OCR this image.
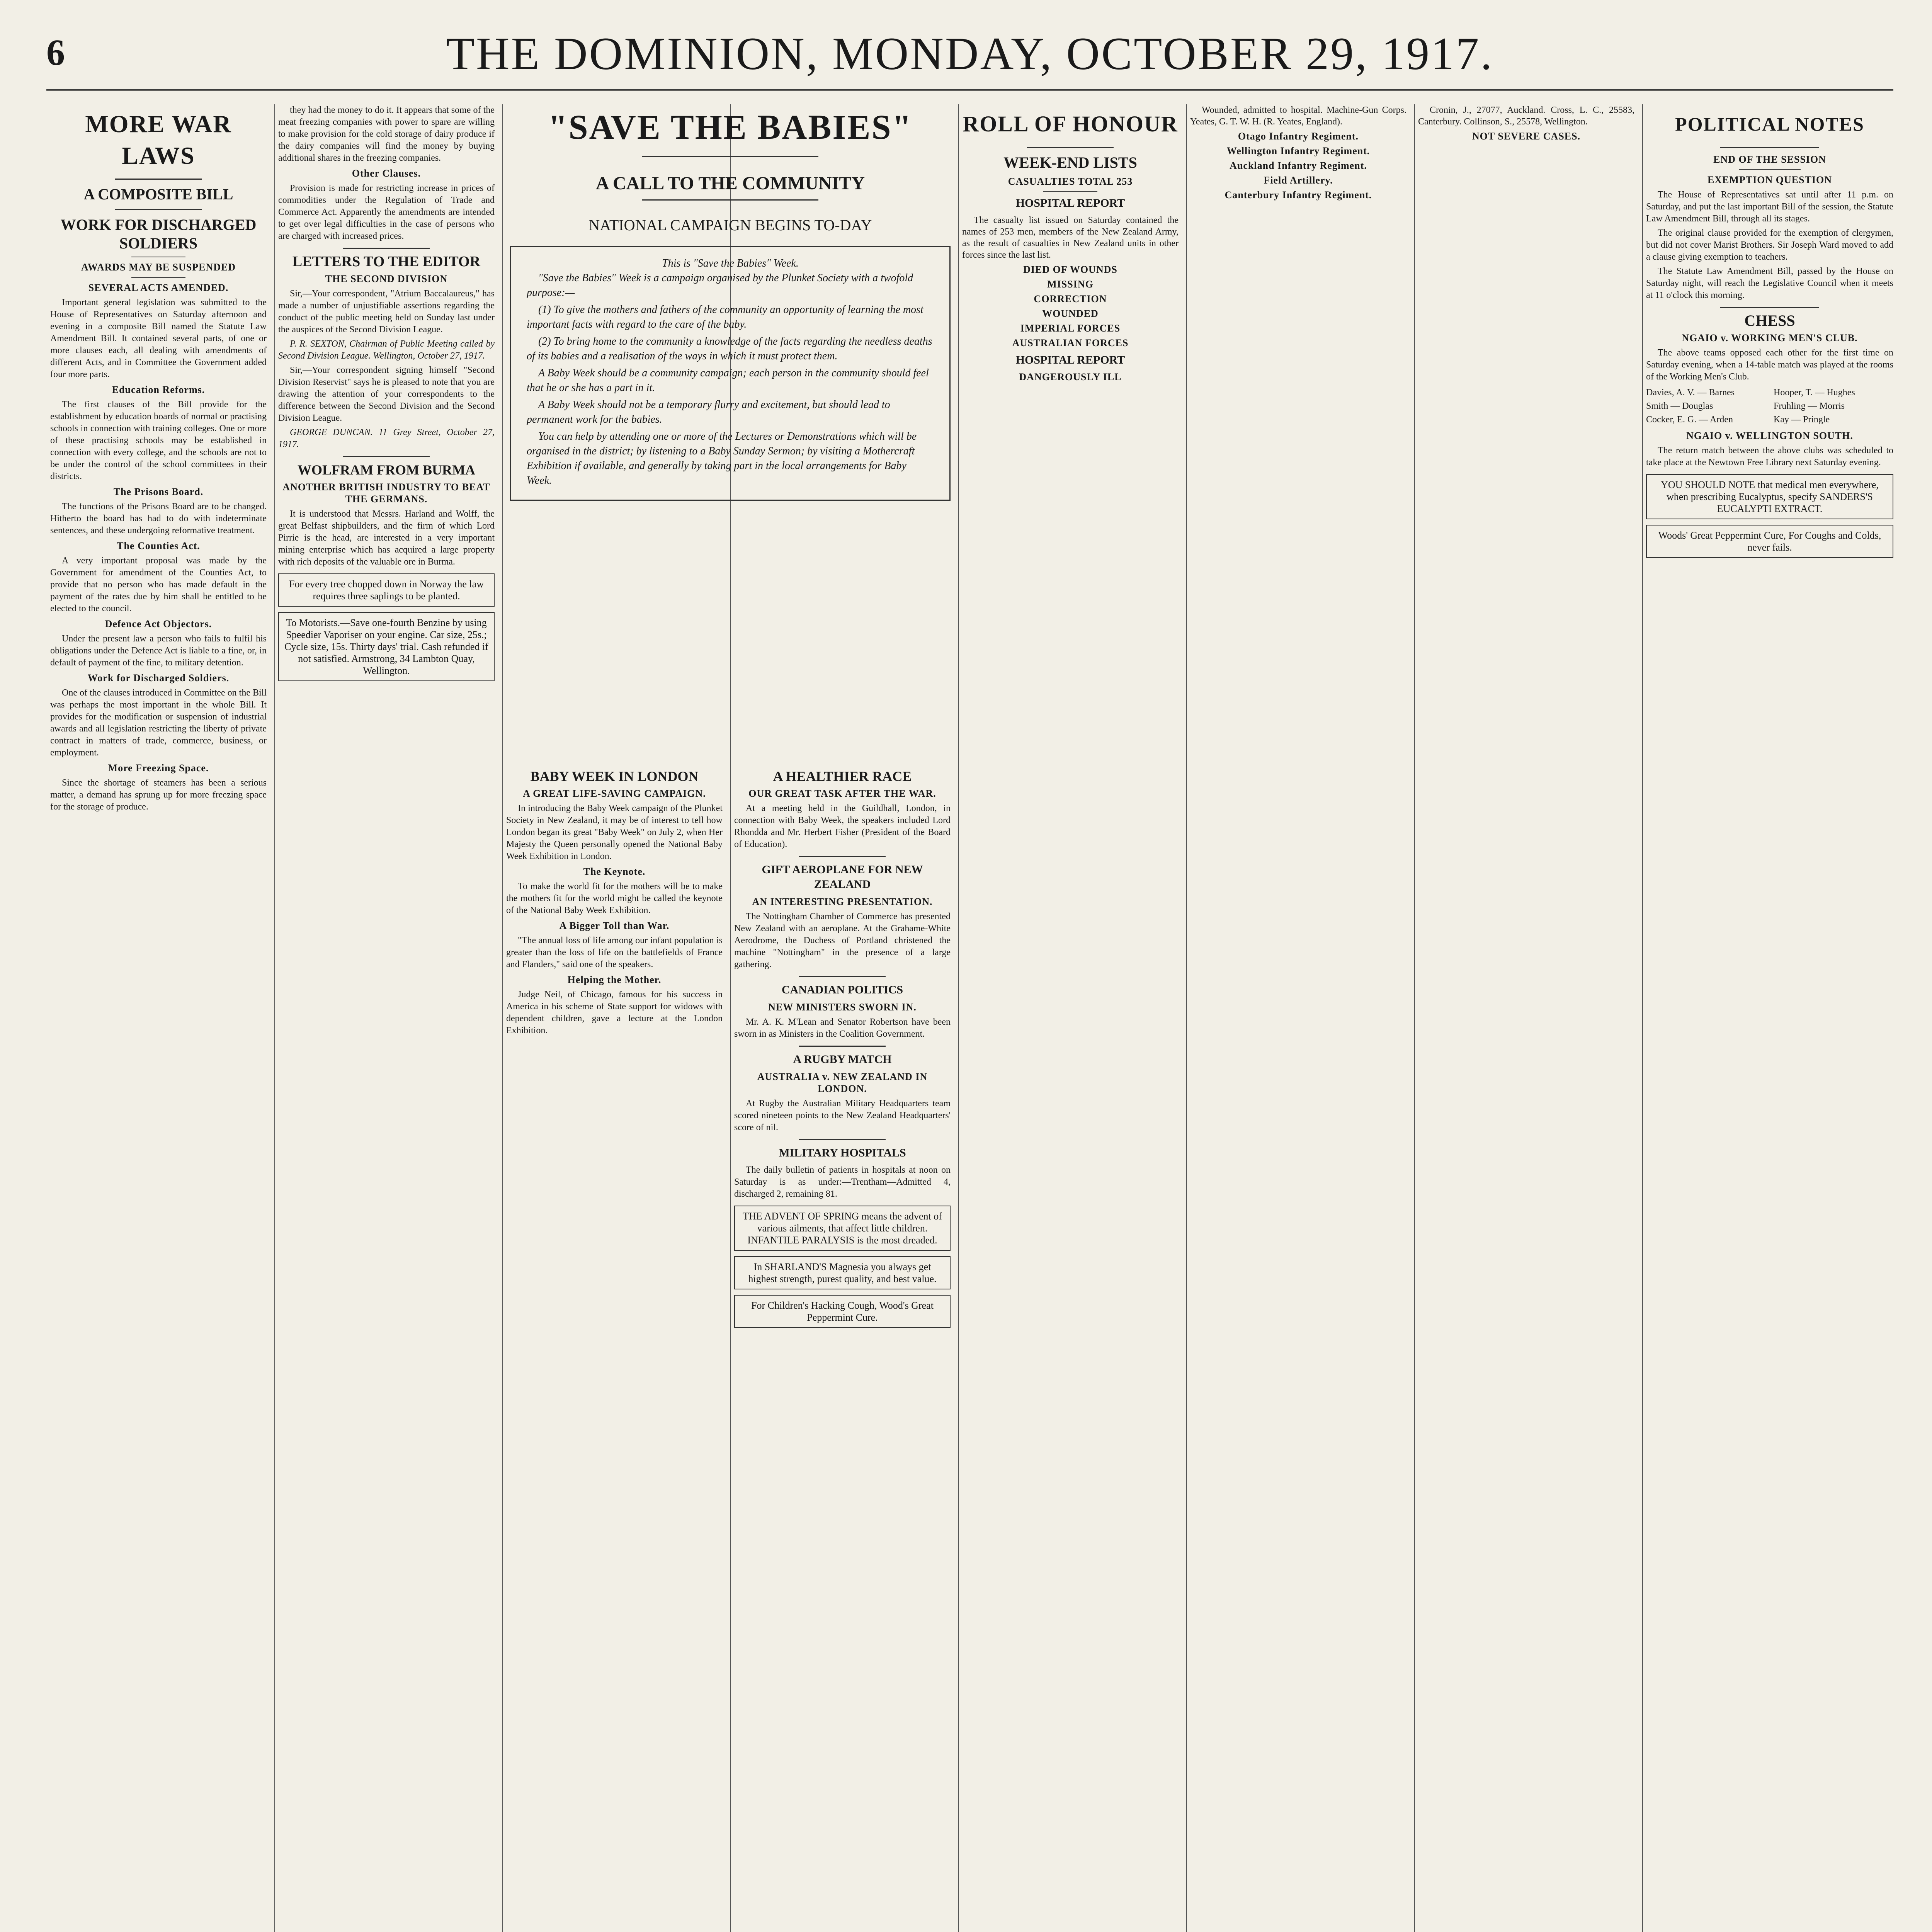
6	THE DOMINION, MONDAY, OCTOBER 29, 1917.
MORE WAR LAWS
A COMPOSITE BILL
WORK FOR DISCHARGED SOLDIERS
AWARDS MAY BE SUSPENDED
SEVERAL ACTS AMENDED.

Important general legislation was submitted to the House of Representatives on Saturday afternoon and evening in a composite Bill named the Statute Law Amendment Bill. It contained several parts, of one or more clauses each, all dealing with amendments of different Acts, and in Committee the Government added four more parts.

Education Reforms.

The first clauses of the Bill provide for the establishment by education boards of normal or practising schools in connection with training colleges. One or more of these practising schools may be established in connection with every college, and the schools are not to be under the control of the school committees in their districts.

The Prisons Board.

The functions of the Prisons Board are to be changed. Hitherto the board has had to do with indeterminate sentences, and these undergoing reformative treatment.

The Counties Act.

A very important proposal was made by the Government for amendment of the Counties Act, to provide that no person who has made default in the payment of the rates due by him shall be entitled to be elected to the council.

Defence Act Objectors.

Under the present law a person who fails to fulfil his obligations under the Defence Act is liable to a fine, or, in default of payment of the fine, to military detention.

Work for Discharged Soldiers.

One of the clauses introduced in Committee on the Bill was perhaps the most important in the whole Bill. It provides for the modification or suspension of industrial awards and all legislation restricting the liberty of private contract in matters of trade, commerce, business, or employment.

More Freezing Space.

Since the shortage of steamers has been a serious matter, a demand has sprung up for more freezing space for the storage of produce.

they had the money to do it. It appears that some of the meat freezing companies with power to spare are willing to make provision for the cold storage of dairy produce if the dairy companies will find the money by buying additional shares in the freezing companies.

Other Clauses.

Provision is made for restricting increase in prices of commodities under the Regulation of Trade and Commerce Act. Apparently the amendments are intended to get over legal difficulties in the case of persons who are charged with increased prices.

LETTERS TO THE EDITOR
THE SECOND DIVISION

Sir,—Your correspondent, "Atrium Baccalaureus," has made a number of unjustifiable assertions regarding the conduct of the public meeting held on Sunday last under the auspices of the Second Division League.

P. R. SEXTON, Chairman of Public Meeting called by Second Division League. Wellington, October 27, 1917.

Sir,—Your correspondent signing himself "Second Division Reservist" says he is pleased to note that you are drawing the attention of your correspondents to the difference between the Second Division and the Second Division League.

GEORGE DUNCAN. 11 Grey Street, October 27, 1917.

WOLFRAM FROM BURMA
ANOTHER BRITISH INDUSTRY TO BEAT THE GERMANS.

It is understood that Messrs. Harland and Wolff, the great Belfast shipbuilders, and the firm of which Lord Pirrie is the head, are interested in a very important mining enterprise which has acquired a large property with rich deposits of the valuable ore in Burma.

For every tree chopped down in Norway the law requires three saplings to be planted.
To Motorists.—Save one-fourth Benzine by using Speedier Vaporiser on your engine. Car size, 25s.; Cycle size, 15s. Thirty days' trial. Cash refunded if not satisfied. Armstrong, 34 Lambton Quay, Wellington.
"SAVE THE BABIES"
A CALL TO THE COMMUNITY
NATIONAL CAMPAIGN BEGINS TO-DAY
This is "Save the Babies" Week.

"Save the Babies" Week is a campaign organised by the Plunket Society with a twofold purpose:—

(1) To give the mothers and fathers of the community an opportunity of learning the most important facts with regard to the care of the baby.

(2) To bring home to the community a knowledge of the facts regarding the needless deaths of its babies and a realisation of the ways in which it must protect them.

A Baby Week should be a community campaign; each person in the community should feel that he or she has a part in it.

A Baby Week should not be a temporary flurry and excitement, but should lead to permanent work for the babies.

You can help by attending one or more of the Lectures or Demonstrations which will be organised in the district; by listening to a Baby Sunday Sermon; by visiting a Mothercraft Exhibition if available, and generally by taking part in the local arrangements for Baby Week.

BABY WEEK IN LONDON
A GREAT LIFE-SAVING CAMPAIGN.

In introducing the Baby Week campaign of the Plunket Society in New Zealand, it may be of interest to tell how London began its great "Baby Week" on July 2, when Her Majesty the Queen personally opened the National Baby Week Exhibition in London.

The Keynote.

To make the world fit for the mothers will be to make the mothers fit for the world might be called the keynote of the National Baby Week Exhibition.

A Bigger Toll than War.

"The annual loss of life among our infant population is greater than the loss of life on the battlefields of France and Flanders," said one of the speakers.

Helping the Mother.

Judge Neil, of Chicago, famous for his success in America in his scheme of State support for widows with dependent children, gave a lecture at the London Exhibition.

A HEALTHIER RACE
OUR GREAT TASK AFTER THE WAR.

At a meeting held in the Guildhall, London, in connection with Baby Week, the speakers included Lord Rhondda and Mr. Herbert Fisher (President of the Board of Education).

GIFT AEROPLANE FOR NEW ZEALAND
AN INTERESTING PRESENTATION.

The Nottingham Chamber of Commerce has presented New Zealand with an aeroplane. At the Grahame-White Aerodrome, the Duchess of Portland christened the machine "Nottingham" in the presence of a large gathering.

CANADIAN POLITICS
NEW MINISTERS SWORN IN.

Mr. A. K. M'Lean and Senator Robertson have been sworn in as Ministers in the Coalition Government.

A RUGBY MATCH
AUSTRALIA v. NEW ZEALAND IN LONDON.

At Rugby the Australian Military Headquarters team scored nineteen points to the New Zealand Headquarters' score of nil.

MILITARY HOSPITALS

The daily bulletin of patients in hospitals at noon on Saturday is as under:—Trentham—Admitted 4, discharged 2, remaining 81.

THE ADVENT OF SPRING means the advent of various ailments, that affect little children. INFANTILE PARALYSIS is the most dreaded.
In SHARLAND'S Magnesia you always get highest strength, purest quality, and best value.
For Children's Hacking Cough, Wood's Great Peppermint Cure.
ROLL OF HONOUR
WEEK-END LISTS
CASUALTIES TOTAL 253
HOSPITAL REPORT

The casualty list issued on Saturday contained the names of 253 men, members of the New Zealand Army, as the result of casualties in New Zealand units in other forces since the last list.

DIED OF WOUNDS
MISSING
CORRECTION
WOUNDED
IMPERIAL FORCES
AUSTRALIAN FORCES
HOSPITAL REPORT
DANGEROUSLY ILL

Wounded, admitted to hospital. Machine-Gun Corps. Yeates, G. T. W. H. (R. Yeates, England).

Otago Infantry Regiment.
Wellington Infantry Regiment.
Auckland Infantry Regiment.
Field Artillery.
Canterbury Infantry Regiment.

Cronin, J., 27077, Auckland. Cross, L. C., 25583, Canterbury. Collinson, S., 25578, Wellington.

NOT SEVERE CASES.
POLITICAL NOTES
END OF THE SESSION
EXEMPTION QUESTION

The House of Representatives sat until after 11 p.m. on Saturday, and put the last important Bill of the session, the Statute Law Amendment Bill, through all its stages.

The original clause provided for the exemption of clergymen, but did not cover Marist Brothers. Sir Joseph Ward moved to add a clause giving exemption to teachers.

The Statute Law Amendment Bill, passed by the House on Saturday night, will reach the Legislative Council when it meets at 11 o'clock this morning.

CHESS
NGAIO v. WORKING MEN'S CLUB.

The above teams opposed each other for the first time on Saturday evening, when a 14-table match was played at the rooms of the Working Men's Club.

Davies, A. V. — Barnes	Hooper, T. — Hughes
Smith — Douglas	Fruhling — Morris
Cocker, E. G. — Arden	Kay — Pringle
NGAIO v. WELLINGTON SOUTH.

The return match between the above clubs was scheduled to take place at the Newtown Free Library next Saturday evening.

YOU SHOULD NOTE that medical men everywhere, when prescribing Eucalyptus, specify SANDERS'S EUCALYPTI EXTRACT.
Woods' Great Peppermint Cure, For Coughs and Colds, never fails.
